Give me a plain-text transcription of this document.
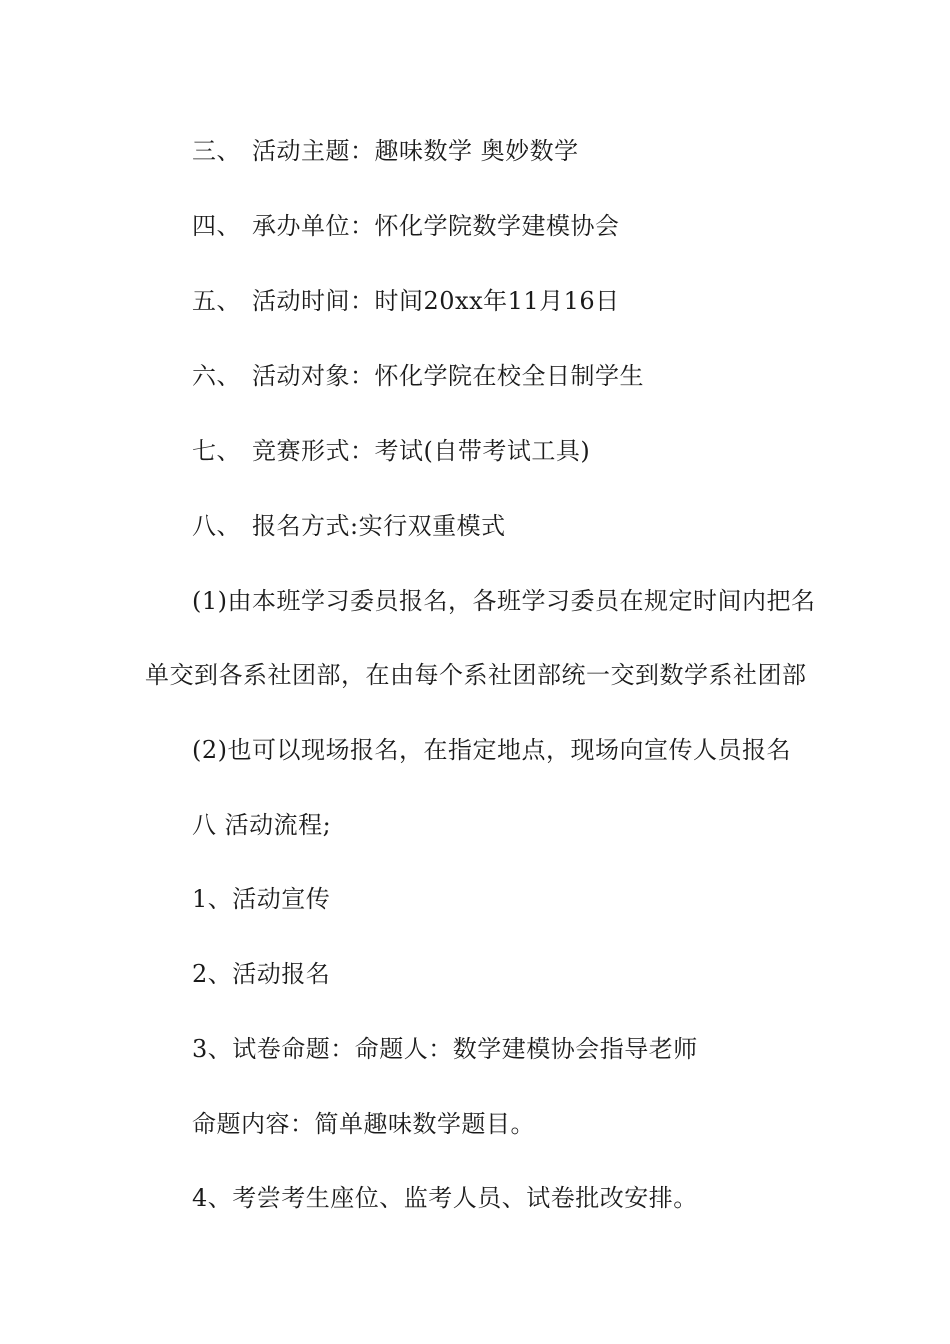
三、 活动主题：趣味数学 奥妙数学
四、 承办单位：怀化学院数学建模协会
五、 活动时间：时间20xx年11月16日
六、 活动对象：怀化学院在校全日制学生
七、 竞赛形式：考试(自带考试工具)
八、 报名方式:实行双重模式
(1)由本班学习委员报名，各班学习委员在规定时间内把名
单交到各系社团部，在由每个系社团部统一交到数学系社团部
(2)也可以现场报名，在指定地点，现场向宣传人员报名
八 活动流程;
1、活动宣传
2、活动报名
3、试卷命题：命题人：数学建模协会指导老师
命题内容：简单趣味数学题目。
4、考尝考生座位、监考人员、试卷批改安排。
